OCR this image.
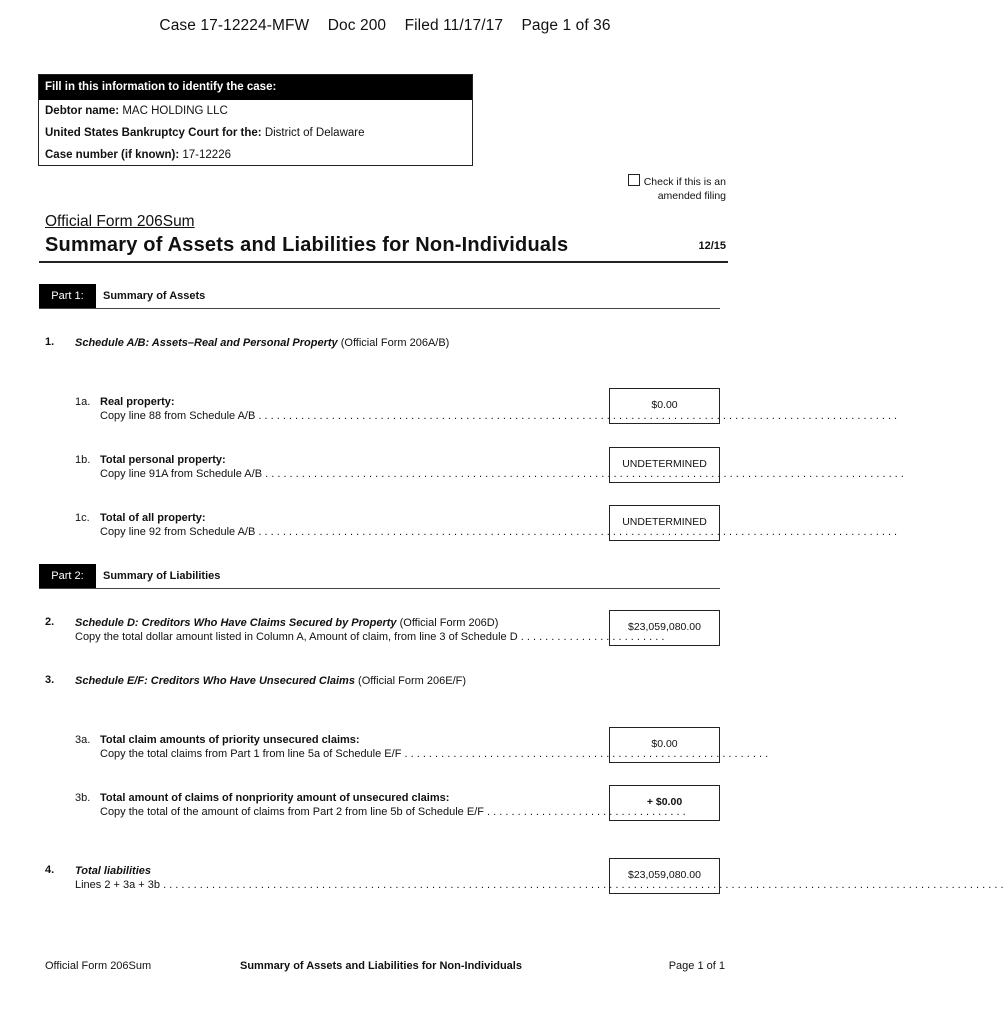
Case 17-12224-MFW Doc 200 Filed 11/17/17 Page 1 of 36
Fill in this information to identify the case:
Debtor name: MAC HOLDING LLC
United States Bankruptcy Court for the: District of Delaware
Case number (if known): 17-12226
Check if this is an
amended filing
Official Form 206Sum
Summary of Assets and Liabilities for Non-Individuals	12/15
Part 1:	Summary of Assets
1. Schedule A/B: Assets–Real and Personal Property (Official Form 206A/B)
1a. Real property:
Copy line 88 from Schedule A/B . . . . . . . . . . . . . . . . . . . . . . . . . . . . . . . . . . . . . . . . . . . . . . . . . . . . . . . . . . . . . . . . . . . . . . . . . . . . . . . . . . . . . . . . . . . . . . . . . . . . . . . . .
$0.00
1b. Total personal property:
Copy line 91A from Schedule A/B . . . . . . . . . . . . . . . . . . . . . . . . . . . . . . . . . . . . . . . . . . . . . . . . . . . . . . . . . . . . . . . . . . . . . . . . . . . . . . . . . . . . . . . . . . . . . . . . . . . . . . . . .
UNDETERMINED
1c. Total of all property:
Copy line 92 from Schedule A/B . . . . . . . . . . . . . . . . . . . . . . . . . . . . . . . . . . . . . . . . . . . . . . . . . . . . . . . . . . . . . . . . . . . . . . . . . . . . . . . . . . . . . . . . . . . . . . . . . . . . . . . . .
UNDETERMINED
Part 2:	Summary of Liabilities
2. Schedule D: Creditors Who Have Claims Secured by Property (Official Form 206D)
Copy the total dollar amount listed in Column A, Amount of claim, from line 3 of Schedule D . . . . . . . . . . . . . . . . . . . . . . . .
$23,059,080.00
3. Schedule E/F: Creditors Who Have Unsecured Claims (Official Form 206E/F)
3a. Total claim amounts of priority unsecured claims:
Copy the total claims from Part 1 from line 5a of Schedule E/F . . . . . . . . . . . . . . . . . . . . . . . . . . . . . . . . . . . . . . . . . . . . . . . . . . . . . . . . . . . .
$0.00
3b. Total amount of claims of nonpriority amount of unsecured claims:
Copy the total of the amount of claims from Part 2 from line 5b of Schedule E/F . . . . . . . . . . . . . . . . . . . . . . . . . . . . . . . . .
+ $0.00
4. Total liabilities
Lines 2 + 3a + 3b . . . . . . . . . . . . . . . . . . . . . . . . . . . . . . . . . . . . . . . . . . . . . . . . . . . . . . . . . . . . . . . . . . . . . . . . . . . . . . . . . . . . . . . . . . . . . . . . . . . . . . . . . . . . . . . . . . . . . . . . . . . . . . . . . . . . . . . . . .
$23,059,080.00
Official Form 206Sum	Summary of Assets and Liabilities for Non-Individuals	Page 1 of 1
